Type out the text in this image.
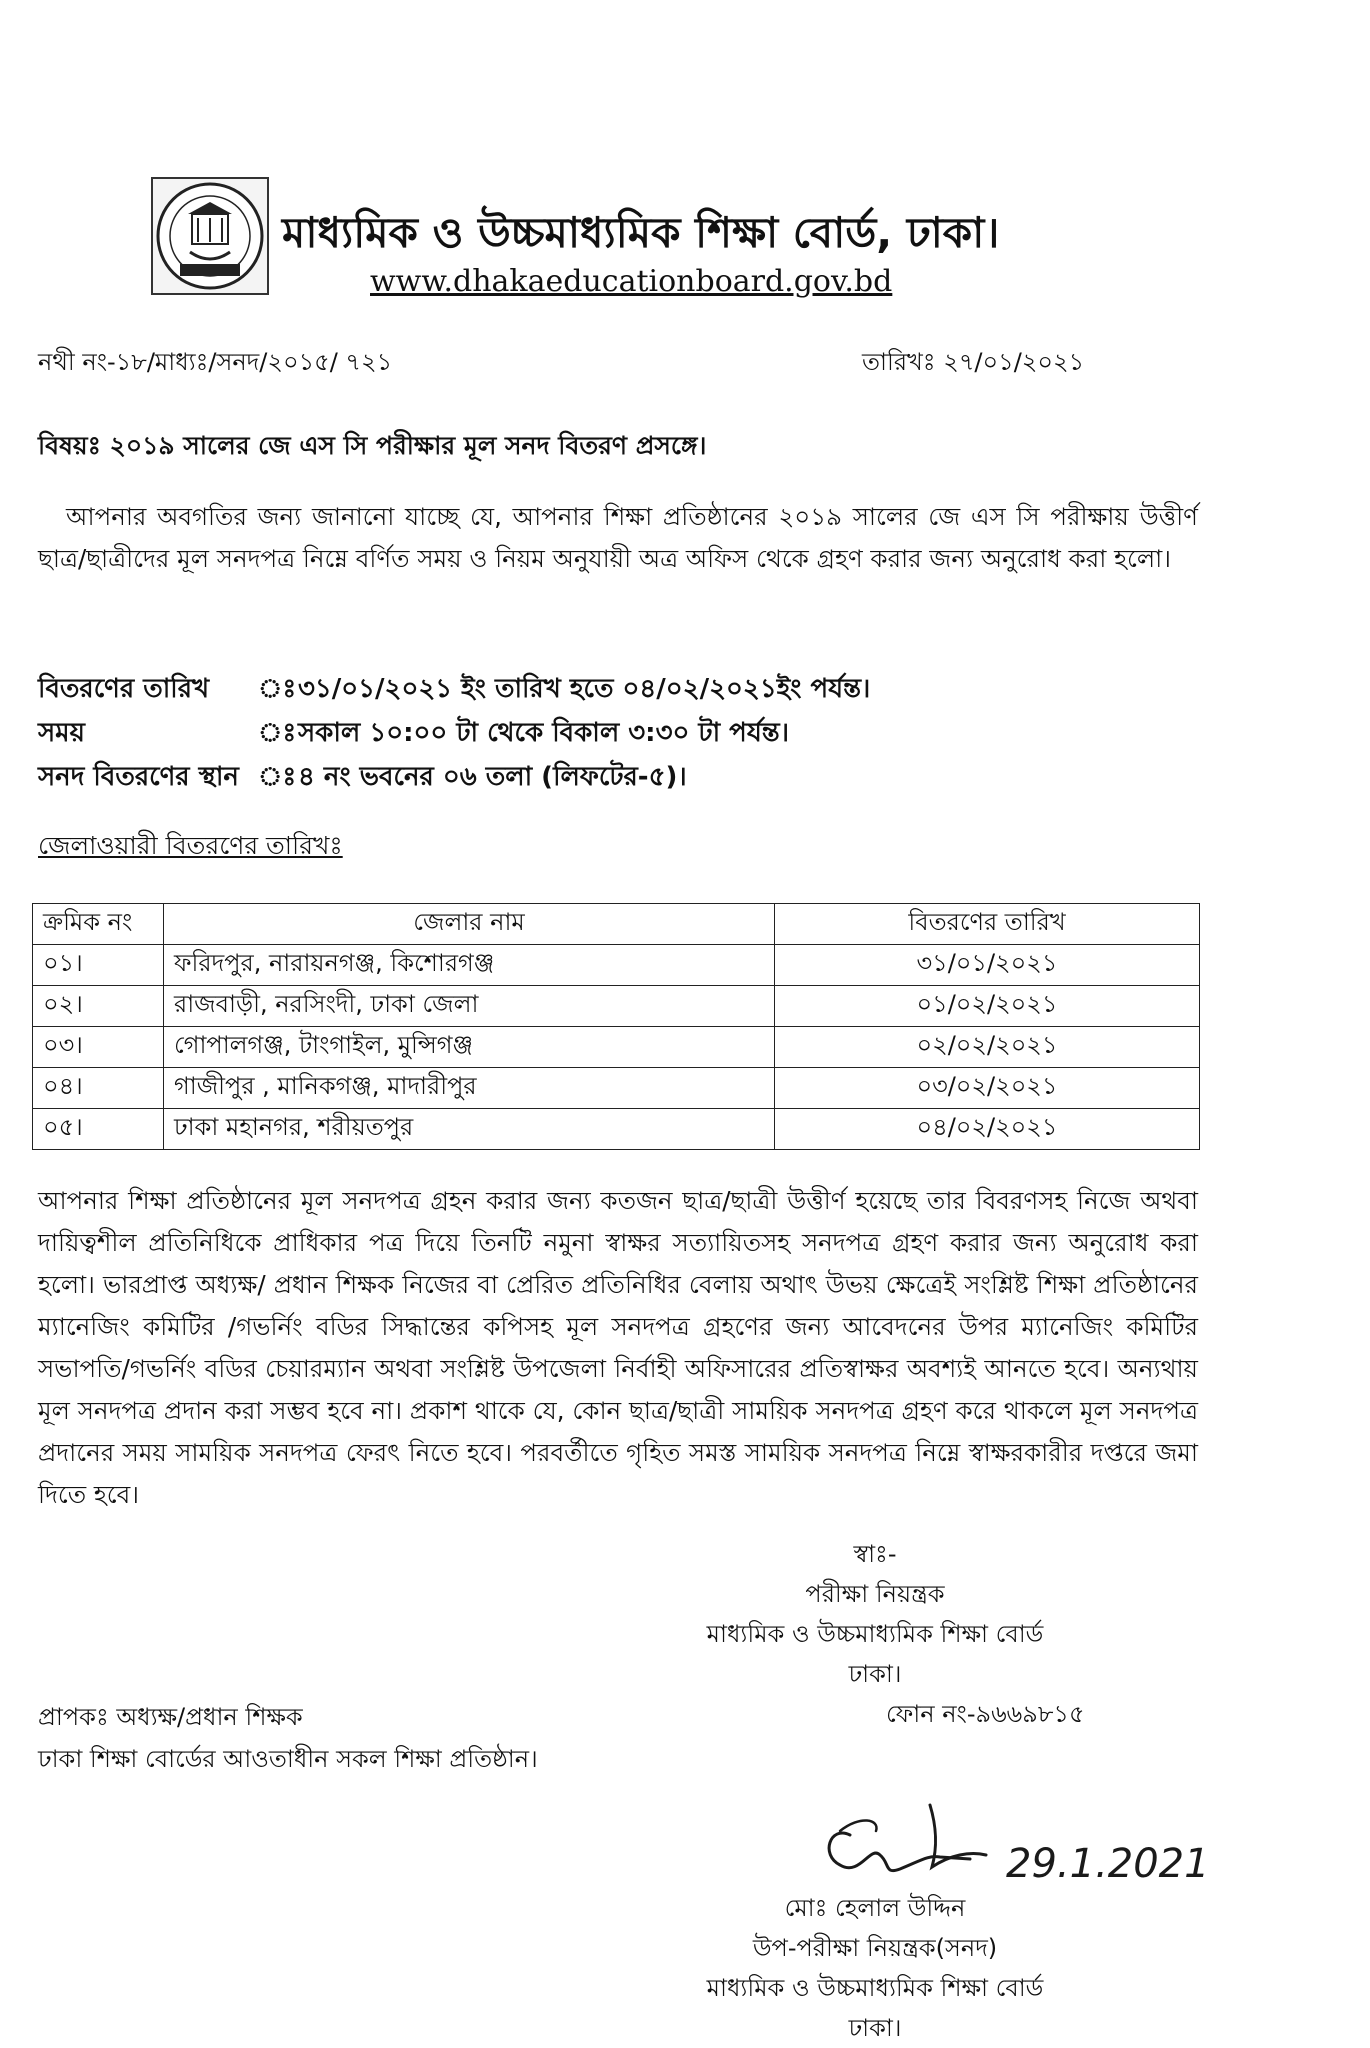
মাধ্যমিক ও উচ্চমাধ্যমিক শিক্ষা বোর্ড, ঢাকা।
www.dhakaeducationboard.gov.bd
নথী নং-১৮/মাধ্যঃ/সনদ/২০১৫/ ৭২১	তারিখঃ ২৭/০১/২০২১
বিষয়ঃ ২০১৯ সালের জে এস সি পরীক্ষার মূল সনদ বিতরণ প্রসঙ্গে।
আপনার অবগতির জন্য জানানো যাচ্ছে যে, আপনার শিক্ষা প্রতিষ্ঠানের ২০১৯ সালের জে এস সি পরীক্ষায় উত্তীর্ণ ছাত্র/ছাত্রীদের মূল সনদপত্র নিম্নে বর্ণিত সময় ও নিয়ম অনুযায়ী অত্র অফিস থেকে গ্রহণ করার জন্য অনুরোধ করা হলো।
বিতরণের তারিখ ঃ৩১/০১/২০২১ ইং তারিখ হতে ০৪/০২/২০২১ইং পর্যন্ত।
সময়	ঃসকাল ১০:০০ টা থেকে বিকাল ৩:৩০ টা পর্যন্ত।
সনদ বিতরণের স্থান ঃ৪ নং ভবনের ০৬ তলা (লিফটের-৫)।
জেলাওয়ারী বিতরণের তারিখঃ
ক্রমিক নং	জেলার নাম	বিতরণের তারিখ
০১।	ফরিদপুর, নারায়নগঞ্জ, কিশোরগঞ্জ	৩১/০১/২০২১
০২।	রাজবাড়ী, নরসিংদী, ঢাকা জেলা	০১/০২/২০২১
০৩।	গোপালগঞ্জ, টাংগাইল, মুন্সিগঞ্জ	০২/০২/২০২১
০৪।	গাজীপুর , মানিকগঞ্জ, মাদারীপুর	০৩/০২/২০২১
০৫।	ঢাকা মহানগর, শরীয়তপুর	০৪/০২/২০২১
আপনার শিক্ষা প্রতিষ্ঠানের মূল সনদপত্র গ্রহন করার জন্য কতজন ছাত্র/ছাত্রী উত্তীর্ণ হয়েছে তার বিবরণসহ নিজে অথবা দায়িত্বশীল প্রতিনিধিকে প্রাধিকার পত্র দিয়ে তিনটি নমুনা স্বাক্ষর সত্যায়িতসহ সনদপত্র গ্রহণ করার জন্য অনুরোধ করা হলো। ভারপ্রাপ্ত অধ্যক্ষ/ প্রধান শিক্ষক নিজের বা প্রেরিত প্রতিনিধির বেলায় অথাৎ উভয় ক্ষেত্রেই সংশ্লিষ্ট শিক্ষা প্রতিষ্ঠানের ম্যানেজিং কমিটির /গভর্নিং বডির সিদ্ধান্তের কপিসহ মূল সনদপত্র গ্রহণের জন্য আবেদনের উপর ম্যানেজিং কমিটির সভাপতি/গভর্নিং বডির চেয়ারম্যান অথবা সংশ্লিষ্ট উপজেলা নির্বাহী অফিসারের প্রতিস্বাক্ষর অবশ্যই আনতে হবে। অন্যথায় মূল সনদপত্র প্রদান করা সম্ভব হবে না। প্রকাশ থাকে যে, কোন ছাত্র/ছাত্রী সাময়িক সনদপত্র গ্রহণ করে থাকলে মূল সনদপত্র প্রদানের সময় সাময়িক সনদপত্র ফেরৎ নিতে হবে। পরবর্তীতে গৃহিত সমস্ত সাময়িক সনদপত্র নিম্নে স্বাক্ষরকারীর দপ্তরে জমা দিতে হবে।
স্বাঃ-
পরীক্ষা নিয়ন্ত্রক
মাধ্যমিক ও উচ্চমাধ্যমিক শিক্ষা বোর্ড
ঢাকা।
প্রাপকঃ অধ্যক্ষ/প্রধান শিক্ষক
ঢাকা শিক্ষা বোর্ডের আওতাধীন সকল শিক্ষা প্রতিষ্ঠান।
ফোন নং-৯৬৬৯৮১৫
29.1.2021
মোঃ হেলাল উদ্দিন
উপ-পরীক্ষা নিয়ন্ত্রক(সনদ)
মাধ্যমিক ও উচ্চমাধ্যমিক শিক্ষা বোর্ড
ঢাকা।
